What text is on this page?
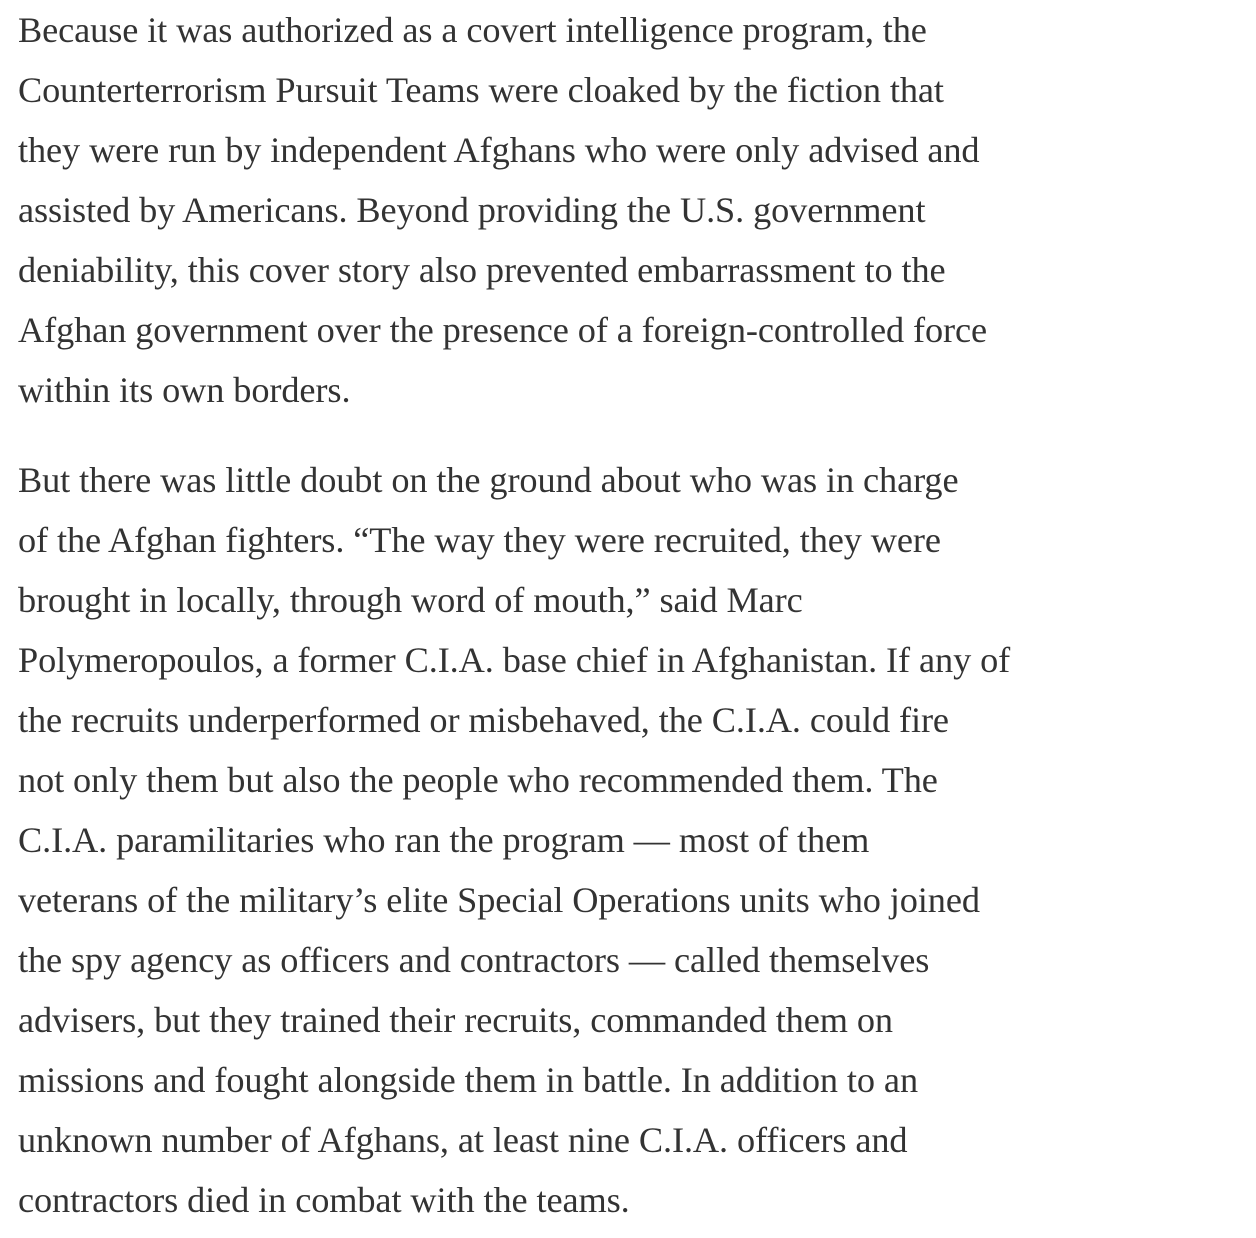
Because it was authorized as a covert intelligence program, the
Counterterrorism Pursuit Teams were cloaked by the fiction that
they were run by independent Afghans who were only advised and
assisted by Americans. Beyond providing the U.S. government
deniability, this cover story also prevented embarrassment to the
Afghan government over the presence of a foreign-controlled force
within its own borders.

But there was little doubt on the ground about who was in charge
of the Afghan fighters. “The way they were recruited, they were
brought in locally, through word of mouth,” said Marc
Polymeropoulos, a former C.I.A. base chief in Afghanistan. If any of
the recruits underperformed or misbehaved, the C.I.A. could fire
not only them but also the people who recommended them. The
C.I.A. paramilitaries who ran the program — most of them
veterans of the military’s elite Special Operations units who joined
the spy agency as officers and contractors — called themselves
advisers, but they trained their recruits, commanded them on
missions and fought alongside them in battle. In addition to an
unknown number of Afghans, at least nine C.I.A. officers and
contractors died in combat with the teams.
